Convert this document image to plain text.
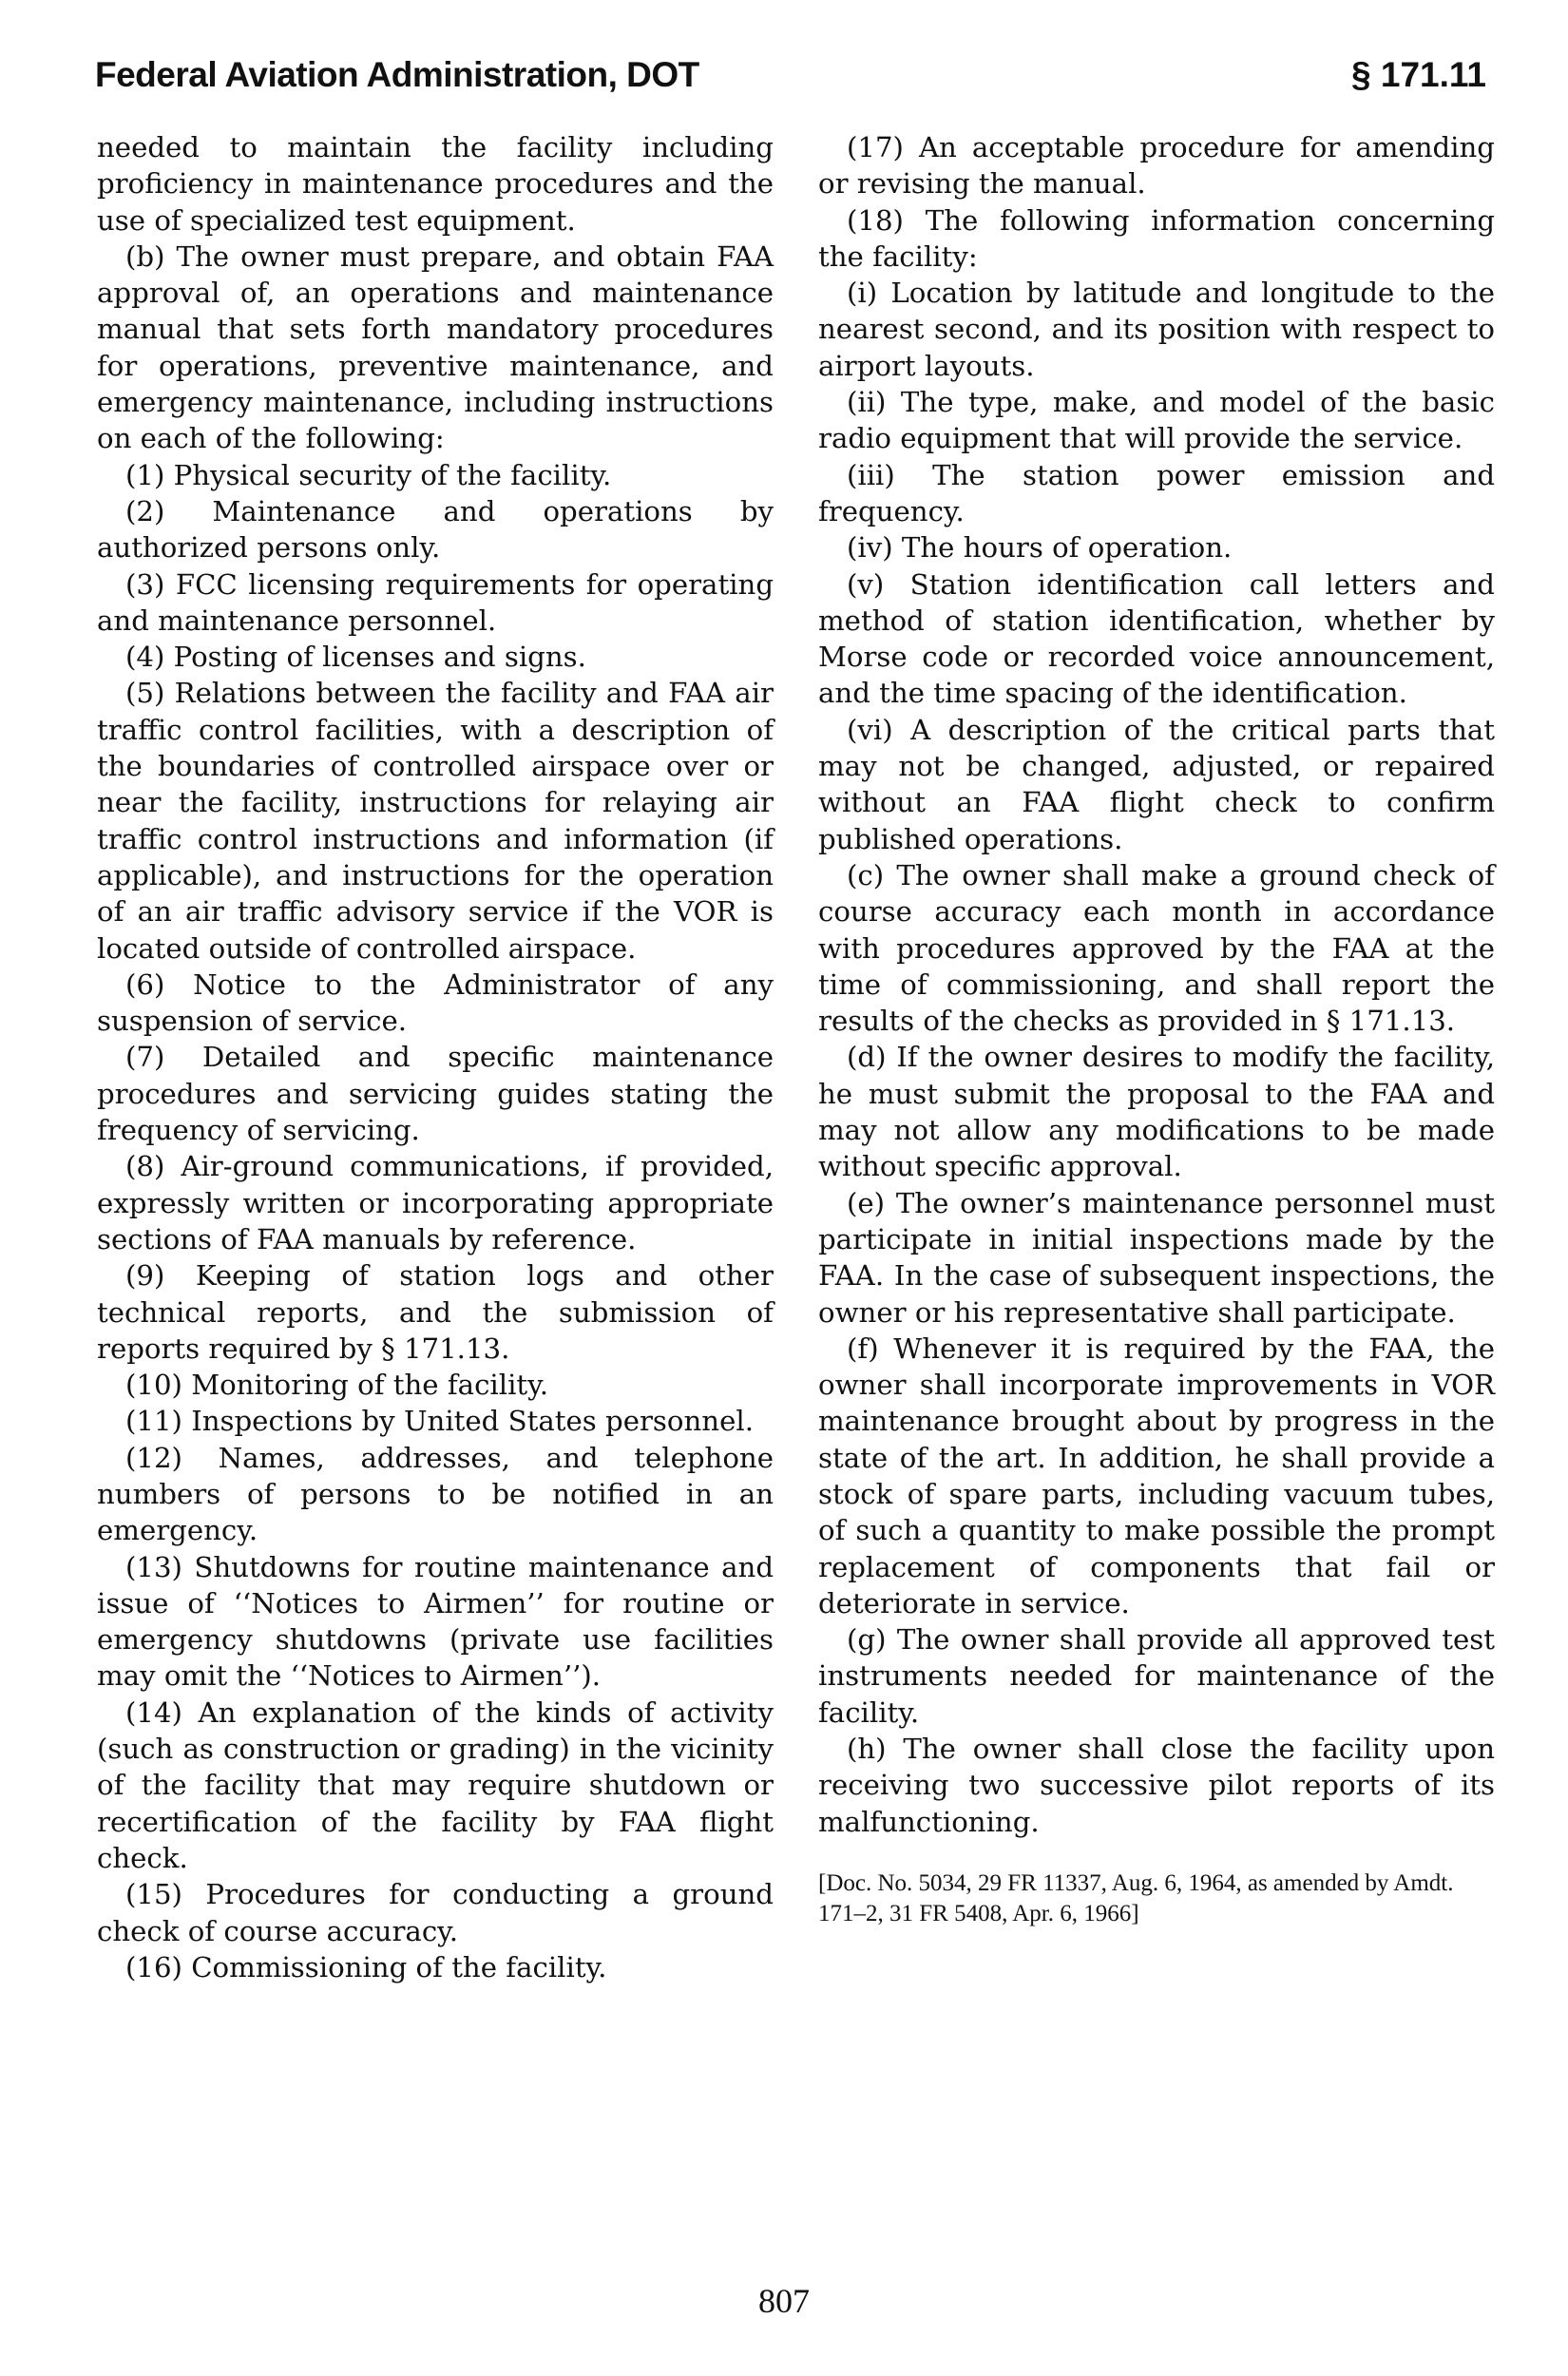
Federal Aviation Administration, DOT	§ 171.11

needed to maintain the facility including proficiency in maintenance procedures and the use of specialized test equipment.

(b) The owner must prepare, and obtain FAA approval of, an operations and maintenance manual that sets forth mandatory procedures for operations, preventive maintenance, and emergency maintenance, including instructions on each of the following:

(1) Physical security of the facility.

(2) Maintenance and operations by authorized persons only.

(3) FCC licensing requirements for operating and maintenance personnel.

(4) Posting of licenses and signs.

(5) Relations between the facility and FAA air traffic control facilities, with a description of the boundaries of controlled airspace over or near the facility, instructions for relaying air traffic control instructions and information (if applicable), and instructions for the operation of an air traffic advisory service if the VOR is located outside of controlled airspace.

(6) Notice to the Administrator of any suspension of service.

(7) Detailed and specific maintenance procedures and servicing guides stating the frequency of servicing.

(8) Air-ground communications, if provided, expressly written or incorporating appropriate sections of FAA manuals by reference.

(9) Keeping of station logs and other technical reports, and the submission of reports required by § 171.13.

(10) Monitoring of the facility.

(11) Inspections by United States personnel.

(12) Names, addresses, and telephone numbers of persons to be notified in an emergency.

(13) Shutdowns for routine maintenance and issue of ‘‘Notices to Airmen’’ for routine or emergency shutdowns (private use facilities may omit the ‘‘Notices to Airmen’’).

(14) An explanation of the kinds of activity (such as construction or grading) in the vicinity of the facility that may require shutdown or recertification of the facility by FAA flight check.

(15) Procedures for conducting a ground check of course accuracy.

(16) Commissioning of the facility.

(17) An acceptable procedure for amending or revising the manual.

(18) The following information concerning the facility:

(i) Location by latitude and longitude to the nearest second, and its position with respect to airport layouts.

(ii) The type, make, and model of the basic radio equipment that will provide the service.

(iii) The station power emission and frequency.

(iv) The hours of operation.

(v) Station identification call letters and method of station identification, whether by Morse code or recorded voice announcement, and the time spacing of the identification.

(vi) A description of the critical parts that may not be changed, adjusted, or repaired without an FAA flight check to confirm published operations.

(c) The owner shall make a ground check of course accuracy each month in accordance with procedures approved by the FAA at the time of commissioning, and shall report the results of the checks as provided in § 171.13.

(d) If the owner desires to modify the facility, he must submit the proposal to the FAA and may not allow any modifications to be made without specific approval.

(e) The owner’s maintenance personnel must participate in initial inspections made by the FAA. In the case of subsequent inspections, the owner or his representative shall participate.

(f) Whenever it is required by the FAA, the owner shall incorporate improvements in VOR maintenance brought about by progress in the state of the art. In addition, he shall provide a stock of spare parts, including vacuum tubes, of such a quantity to make possible the prompt replacement of components that fail or deteriorate in service.

(g) The owner shall provide all approved test instruments needed for maintenance of the facility.

(h) The owner shall close the facility upon receiving two successive pilot reports of its malfunctioning.

[Doc. No. 5034, 29 FR 11337, Aug. 6, 1964, as amended by Amdt. 171–2, 31 FR 5408, Apr. 6, 1966]

807
